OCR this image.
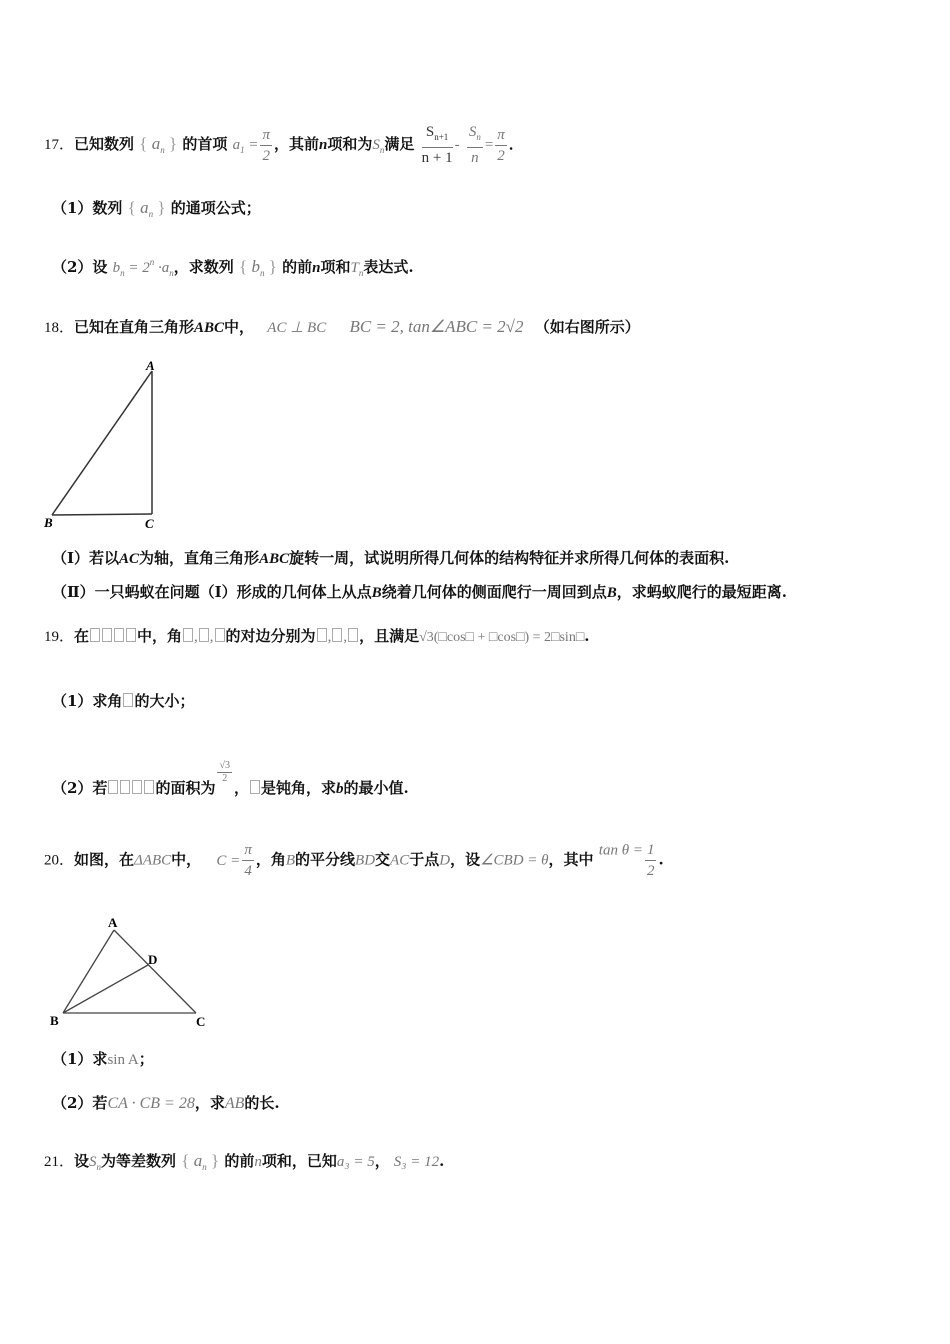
17．已知数列 { $a_n$ } 的首项 $a_1 = \frac{\pi}{2}$ ，其前n项和为$S_n$满足 $\frac{S_{n+1}}{n + 1} - \frac{S_n}{n} = \frac{\pi}{2}$ ．
（1）数列 { $a_n$ } 的通项公式；
（2）设 $b_n = 2^n \cdot a_n$，求数列 { $b_n$ } 的前n项和$T_n$表达式.
18．已知在直角三角形ABC中， AC ⊥ BC BC = 2, tan∠ABC = 2√2 （如右图所示）
A
B	C
（Ⅰ）若以AC为轴，直角三角形ABC旋转一周，试说明所得几何体的结构特征并求所得几何体的表面积.
（Ⅱ）一只蚂蚁在问题（Ⅰ）形成的几何体上从点B绕着几何体的侧面爬行一周回到点B，求蚂蚁爬行的最短距离.
19．在	中，角 , , 的对边分别为 , , ，且满足√3(□cos□ + □cos□) = 2□sin□.
（1）求角 的大小；
（2）若	的面积为
$\frac{√3}{2}$
， 是钝角，求b的最小值.
20．如图，在ΔABC中， $C = \frac{\pi}{4}$ ，角B的平分线BD交AC于点D，设∠CBD = θ，其中 $\tan \theta = \frac{1}{2}$ .
A
B	C
D
（1）求sin A；
（2）若CA · CB = 28，求AB的长.
21．设$S_n$为等差数列 { $a_n$ } 的前n项和，已知a₃ = 5， S₃ = 12.
